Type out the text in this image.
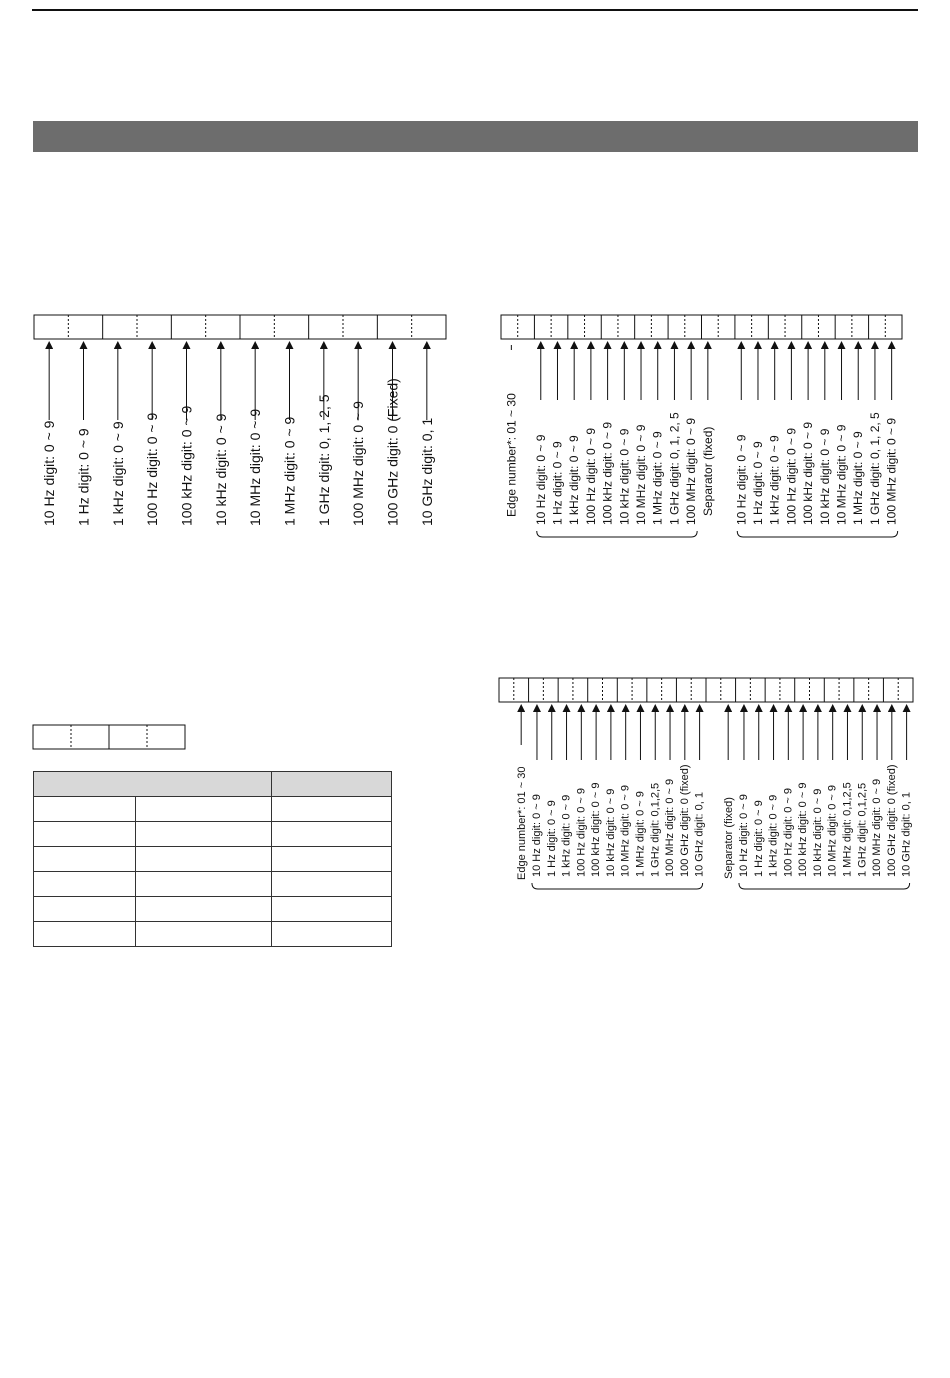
10 Hz digit: 0 ~ 9 1 Hz digit: 0 ~ 9 1 kHz digit: 0 ~ 9 100 Hz digit: 0 ~ 9 100 kHz digit: 0 ~ 9 10 kHz digit: 0 ~ 9 10 MHz digit: 0 ~ 9 1 MHz digit: 0 ~ 9 1 GHz digit: 0, 1, 2, 5 100 MHz digit: 0 ~ 9 100 GHz digit: 0 (Fixed) 10 GHz digit: 0, 1	Edge number*: 01 ~ 30 10 Hz digit: 0 ~ 9 1 Hz digit: 0 ~ 9 1 kHz digit: 0 ~ 9 100 Hz digit: 0 ~ 9 100 kHz digit: 0 ~ 9 10 kHz digit: 0 ~ 9 10 MHz digit: 0 ~ 9 1 MHz digit: 0 ~ 9 1 GHz digit: 0, 1, 2, 5 100 MHz digit: 0 ~ 9 Separator (fixed) 10 Hz digit: 0 ~ 9 1 Hz digit: 0 ~ 9 1 kHz digit: 0 ~ 9 100 Hz digit: 0 ~ 9 100 kHz digit: 0 ~ 9 10 kHz digit: 0 ~ 9 10 MHz digit: 0 ~ 9 1 MHz digit: 0 ~ 9 1 GHz digit: 0, 1, 2, 5 100 MHz digit: 0 ~ 9
Edge number*: 01 ~ 30 10 Hz digit: 0 ~ 9 1 Hz digit: 0 ~ 9 1 kHz digit: 0 ~ 9 100 Hz digit: 0 ~ 9 100 kHz digit: 0 ~ 9 10 kHz digit: 0 ~ 9 10 MHz digit: 0 ~ 9 1 MHz digit: 0 ~ 9 1 GHz digit: 0,1,2,5 100 MHz digit: 0 ~ 9 100 GHz digit: 0 (fixed) 10 GHz digit: 0, 1 Separator (fixed) 10 Hz digit: 0 ~ 9 1 Hz digit: 0 ~ 9 1 kHz digit: 0 ~ 9 100 Hz digit: 0 ~ 9 100 kHz digit: 0 ~ 9 10 kHz digit: 0 ~ 9 10 MHz digit: 0 ~ 9 1 MHz digit: 0,1,2,5 1 GHz digit: 0,1,2,5 100 MHz digit: 0 ~ 9 100 GHz digit: 0 (fixed) 10 GHz digit: 0, 1
